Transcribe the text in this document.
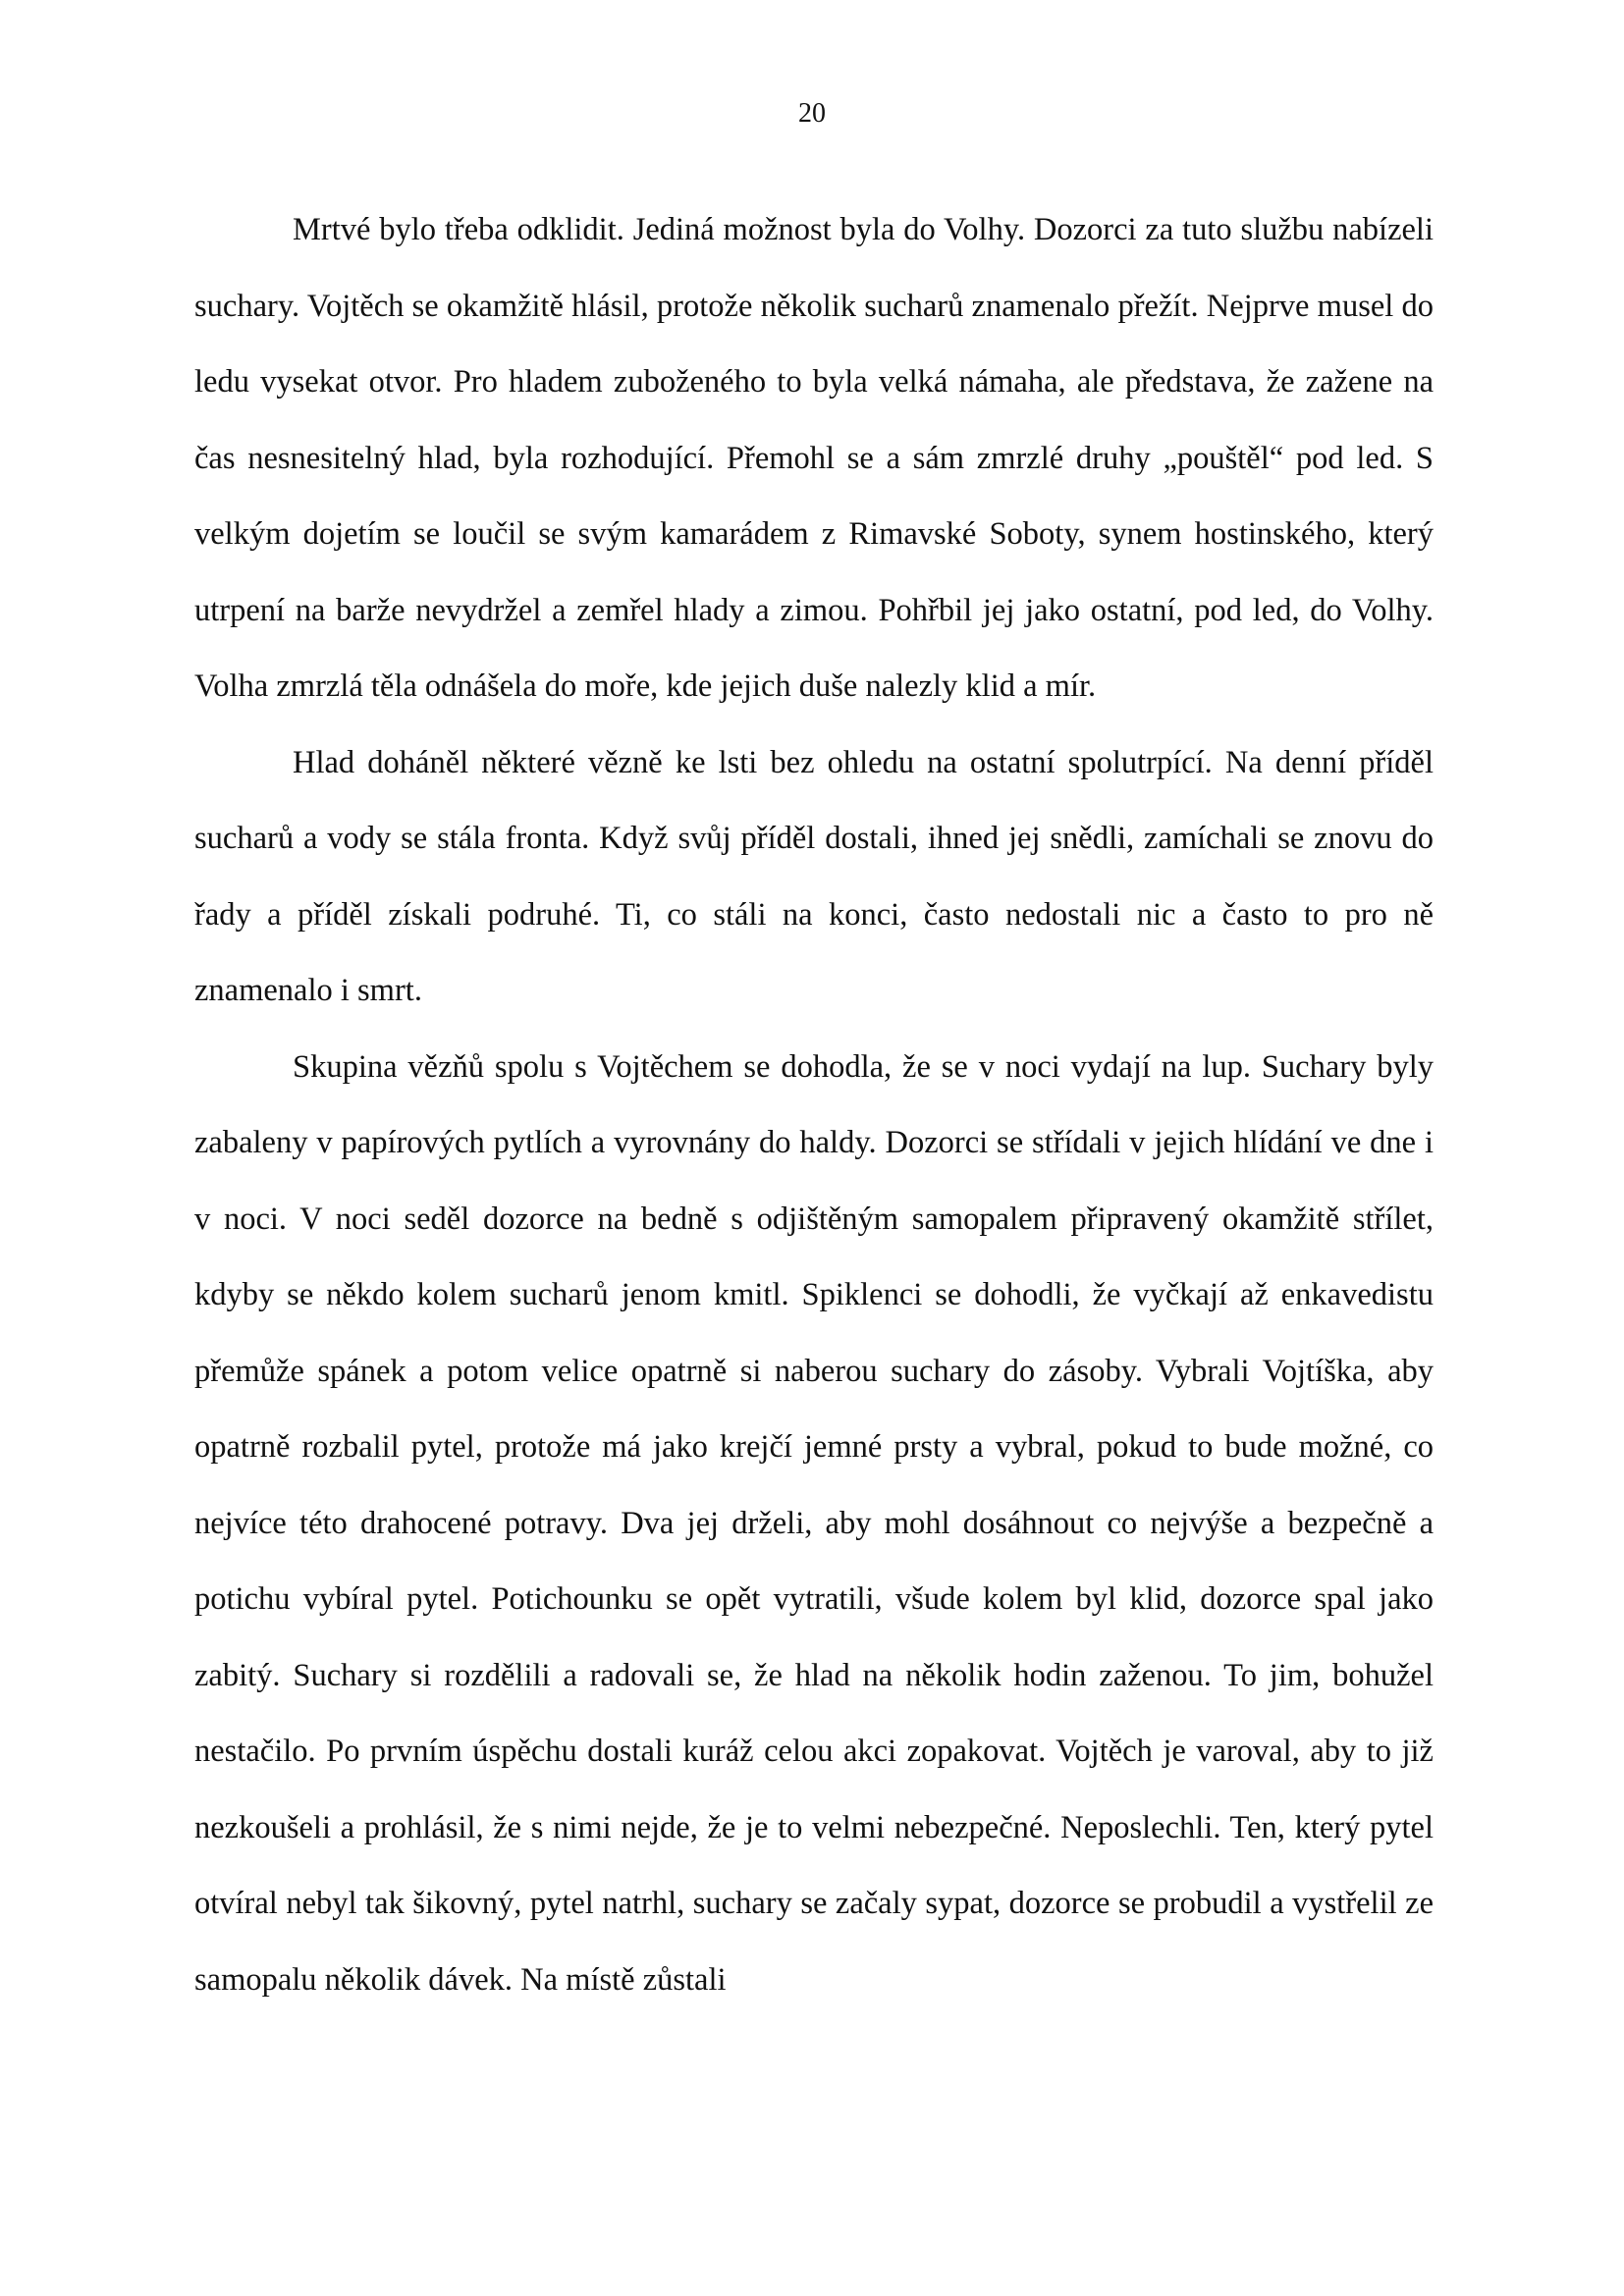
20

Mrtvé bylo třeba odklidit. Jediná možnost byla do Volhy. Dozorci za tuto službu nabízeli suchary. Vojtěch se okamžitě hlásil, protože několik sucharů znamenalo přežít. Nejprve musel do ledu vysekat otvor. Pro hladem zuboženého to byla velká námaha, ale představa, že zažene na čas nesnesitelný hlad, byla rozhodující. Přemohl se a sám zmrzlé druhy „pouštěl“ pod led. S velkým dojetím se loučil se svým kamarádem z Rimavské Soboty, synem hostinského, který utrpení na barže nevydržel a zemřel hlady a zimou. Pohřbil jej jako ostatní, pod led, do Volhy. Volha zmrzlá těla odnášela do moře, kde jejich duše nalezly klid a mír.

Hlad doháněl některé vězně ke lsti bez ohledu na ostatní spolutrpící. Na denní příděl sucharů a vody se stála fronta. Když svůj příděl dostali, ihned jej snědli, zamíchali se znovu do řady a příděl získali podruhé. Ti, co stáli na konci, často nedostali nic a často to pro ně znamenalo i smrt.

Skupina vězňů spolu s Vojtěchem se dohodla, že se v noci vydají na lup. Suchary byly zabaleny v papírových pytlích a vyrovnány do haldy. Dozorci se střídali v jejich hlídání ve dne i v noci. V noci seděl dozorce na bedně s odjištěným samopalem připravený okamžitě střílet, kdyby se někdo kolem sucharů jenom kmitl. Spiklenci se dohodli, že vyčkají až enkavedistu přemůže spánek a potom velice opatrně si naberou suchary do zásoby. Vybrali Vojtíška, aby opatrně rozbalil pytel, protože má jako krejčí jemné prsty a vybral, pokud to bude možné, co nejvíce této drahocené potravy. Dva jej drželi, aby mohl dosáhnout co nejvýše a bezpečně a potichu vybíral pytel. Potichounku se opět vytratili, všude kolem byl klid, dozorce spal jako zabitý. Suchary si rozdělili a radovali se, že hlad na několik hodin zaženou. To jim, bohužel nestačilo. Po prvním úspěchu dostali kuráž celou akci zopakovat. Vojtěch je varoval, aby to již nezkoušeli a prohlásil, že s nimi nejde, že je to velmi nebezpečné. Neposlechli. Ten, který pytel otvíral nebyl tak šikovný, pytel natrhl, suchary se začaly sypat, dozorce se probudil a vystřelil ze samopalu několik dávek. Na místě zůstali
